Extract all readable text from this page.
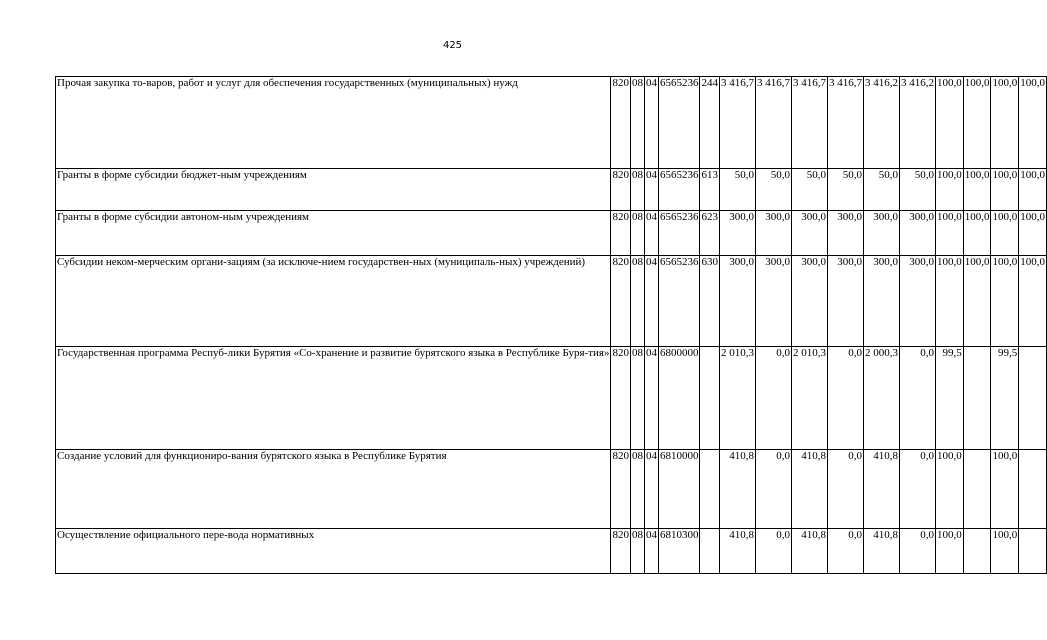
425
Прочая закупка то-варов, работ и услуг для обеспечения государственных (муниципальных) нужд	820	08	04	6565236	244	3 416,7	3 416,7	3 416,7	3 416,7	3 416,2	3 416,2	100,0	100,0	100,0	100,0
Гранты в форме субсидии бюджет-ным учреждениям	820	08	04	6565236	613	50,0	50,0	50,0	50,0	50,0	50,0	100,0	100,0	100,0	100,0
Гранты в форме субсидии автоном-ным учреждениям	820	08	04	6565236	623	300,0	300,0	300,0	300,0	300,0	300,0	100,0	100,0	100,0	100,0
Субсидии неком-мерческим органи-зациям (за исключе-нием государствен-ных (муниципаль-ных) учреждений)	820	08	04	6565236	630	300,0	300,0	300,0	300,0	300,0	300,0	100,0	100,0	100,0	100,0
Государственная программа Респуб-лики Бурятия «Со-хранение и развитие бурятского языка в Республике Буря-тия»	820	08	04	6800000		2 010,3	0,0	2 010,3	0,0	2 000,3	0,0	99,5		99,5	
Создание условий для функциониро-вания бурятского языка в Республике Бурятия	820	08	04	6810000		410,8	0,0	410,8	0,0	410,8	0,0	100,0		100,0	
Осуществление официального пере-вода нормативных	820	08	04	6810300		410,8	0,0	410,8	0,0	410,8	0,0	100,0		100,0	
